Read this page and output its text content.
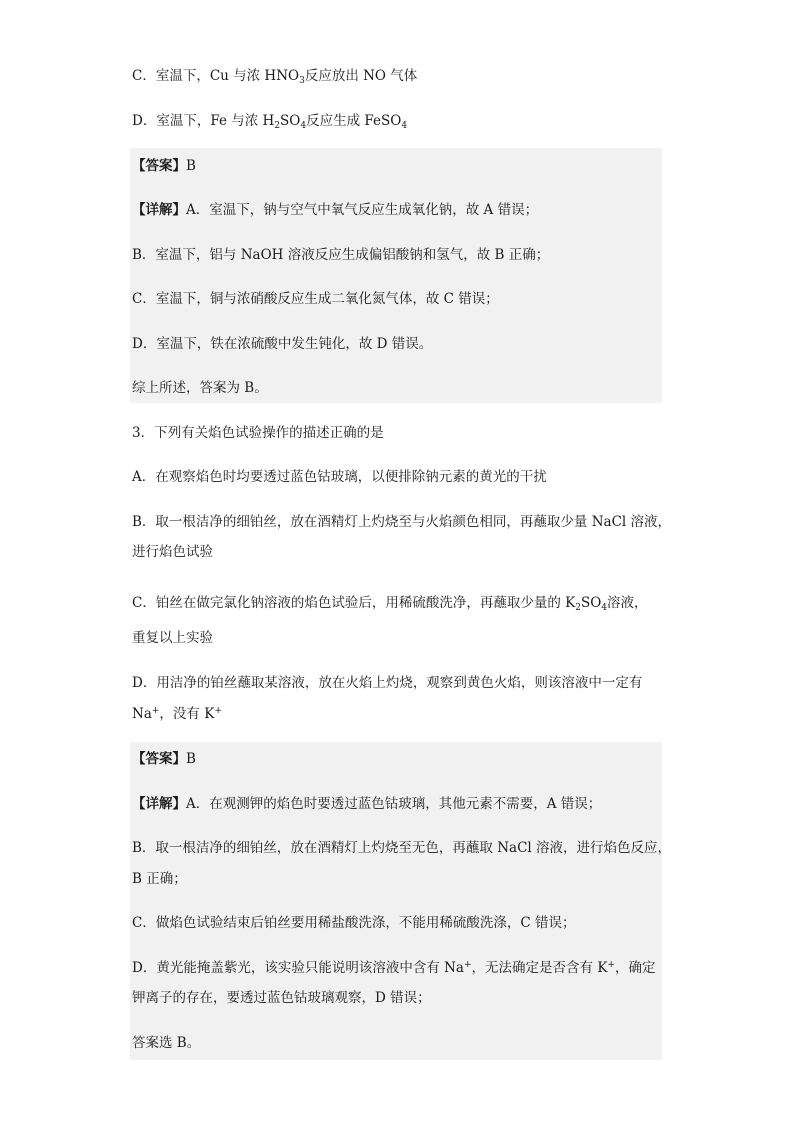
C．室温下，Cu 与浓 $HNO_3$反应放出 NO 气体
D．室温下，Fe 与浓 $H_2SO_4$反应生成 FeSO$_4$
【答案】B
【详解】A．室温下，钠与空气中氧气反应生成氧化钠，故 A 错误；
B．室温下，铝与 NaOH 溶液反应生成偏铝酸钠和氢气，故 B 正确；
C．室温下，铜与浓硝酸反应生成二氧化氮气体，故 C 错误；
D．室温下，铁在浓硫酸中发生钝化，故 D 错误。
综上所述，答案为 B。
3．下列有关焰色试验操作的描述正确的是
A．在观察焰色时均要透过蓝色钴玻璃，以便排除钠元素的黄光的干扰
B．取一根洁净的细铂丝，放在酒精灯上灼烧至与火焰颜色相同，再蘸取少量 NaCl 溶液，
进行焰色试验
C．铂丝在做完氯化钠溶液的焰色试验后，用稀硫酸洗净，再蘸取少量的 $K_2SO_4$溶液，
重复以上实验
D．用洁净的铂丝蘸取某溶液，放在火焰上灼烧，观察到黄色火焰，则该溶液中一定有
Na+，没有 K+
【答案】B
【详解】A．在观测钾的焰色时要透过蓝色钴玻璃，其他元素不需要，A 错误；
B．取一根洁净的细铂丝，放在酒精灯上灼烧至无色，再蘸取 NaCl 溶液，进行焰色反应，
B 正确；
C．做焰色试验结束后铂丝要用稀盐酸洗涤，不能用稀硫酸洗涤，C 错误；
D．黄光能掩盖紫光，该实验只能说明该溶液中含有 Na+，无法确定是否含有 K+，确定
钾离子的存在，要透过蓝色钴玻璃观察，D 错误；
答案选 B。
